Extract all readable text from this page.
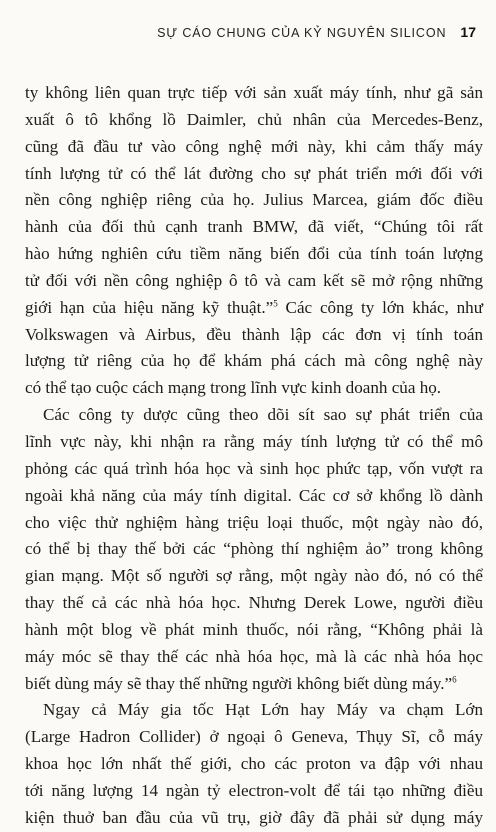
SỰ CÁO CHUNG CỦA KỶ NGUYÊN SILICON 17

ty không liên quan trực tiếp với sản xuất máy tính, như gã sản
xuất ô tô khổng lồ Daimler, chủ nhân của Mercedes-Benz,
cũng đã đầu tư vào công nghệ mới này, khi cảm thấy máy
tính lượng tử có thể lát đường cho sự phát triển mới đối với
nền công nghiệp riêng của họ. Julius Marcea, giám đốc điều
hành của đối thủ cạnh tranh BMW, đã viết, “Chúng tôi rất
hào hứng nghiên cứu tiềm năng biến đổi của tính toán lượng
tử đối với nền công nghiệp ô tô và cam kết sẽ mở rộng những
giới hạn của hiệu năng kỹ thuật.”$^5$ Các công ty lớn khác, như
Volkswagen và Airbus, đều thành lập các đơn vị tính toán
lượng tử riêng của họ để khám phá cách mà công nghệ này
có thể tạo cuộc cách mạng trong lĩnh vực kinh doanh của họ.

Các công ty dược cũng theo dõi sít sao sự phát triển của
lĩnh vực này, khi nhận ra rằng máy tính lượng tử có thể mô
phỏng các quá trình hóa học và sinh học phức tạp, vốn vượt ra
ngoài khả năng của máy tính digital. Các cơ sở khổng lồ dành
cho việc thử nghiệm hàng triệu loại thuốc, một ngày nào đó,
có thể bị thay thế bởi các “phòng thí nghiệm ảo” trong không
gian mạng. Một số người sợ rằng, một ngày nào đó, nó có thể
thay thế cả các nhà hóa học. Nhưng Derek Lowe, người điều
hành một blog về phát minh thuốc, nói rằng, “Không phải là
máy móc sẽ thay thế các nhà hóa học, mà là các nhà hóa học
biết dùng máy sẽ thay thế những người không biết dùng máy.”$^6$

Ngay cả Máy gia tốc Hạt Lớn hay Máy va chạm Lớn
(Large Hadron Collider) ở ngoại ô Geneva, Thụy Sĩ, cỗ máy
khoa học lớn nhất thế giới, cho các proton va đập với nhau
tới năng lượng 14 ngàn tỷ electron-volt để tái tạo những điều
kiện thuở ban đầu của vũ trụ, giờ đây đã phải sử dụng máy
